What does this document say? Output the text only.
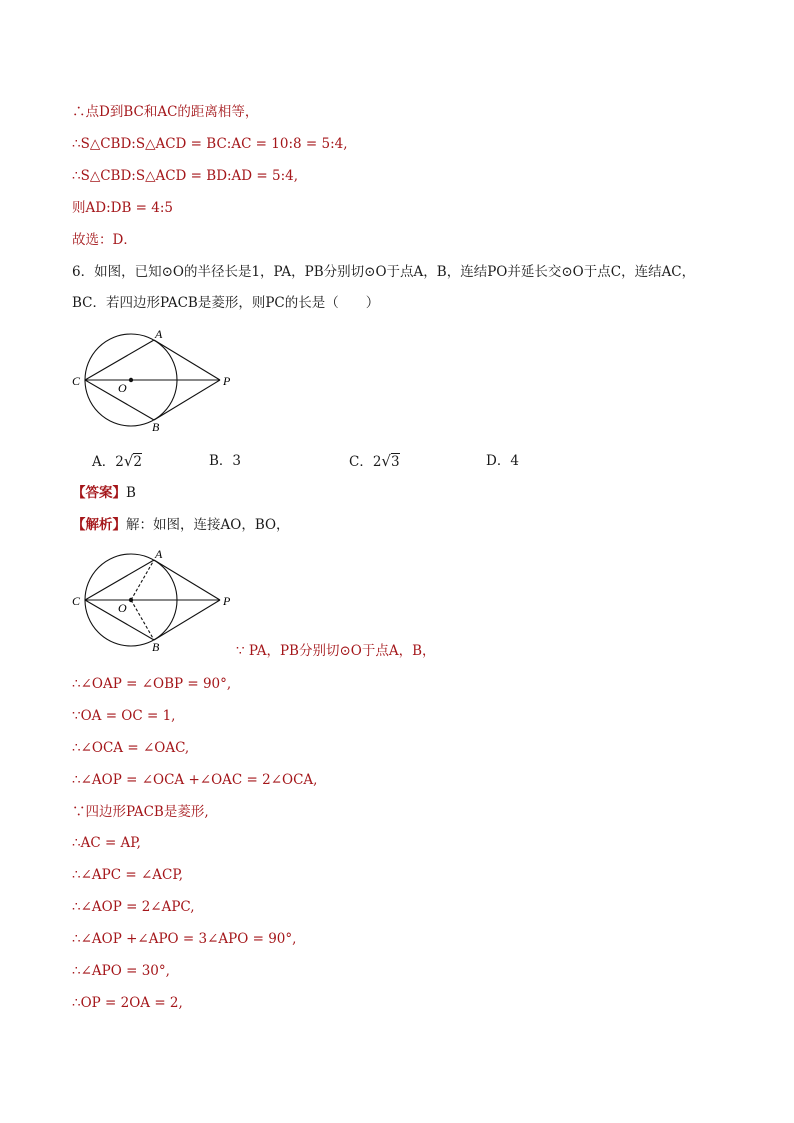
∴点D到BC和AC的距离相等，
∴S△CBD:S△ACD = BC:AC = 10:8 = 5:4,
∴S△CBD:S△ACD = BD:AD = 5:4,
则AD:DB = 4:5
故选：D．
6．如图，已知⊙O的半径长是1，PA，PB分别切⊙O于点A，B，连结PO并延长交⊙O于点C，连结AC，
BC．若四边形PACB是菱形，则PC的长是（　　）
A
B
C	O	P
A．2√2	B．3	C．2√3	D．4
【答案】B
【解析】解：如图，连接AO，BO，
A
B
C	O	P
∵ PA，PB分别切⊙O于点A，B，
∴∠OAP = ∠OBP = 90°,
∵OA = OC = 1,
∴∠OCA = ∠OAC,
∴∠AOP = ∠OCA +∠OAC = 2∠OCA,
∵四边形PACB是菱形,
∴AC = AP,
∴∠APC = ∠ACP,
∴∠AOP = 2∠APC,
∴∠AOP +∠APO = 3∠APO = 90°,
∴∠APO = 30°,
∴OP = 2OA = 2,
